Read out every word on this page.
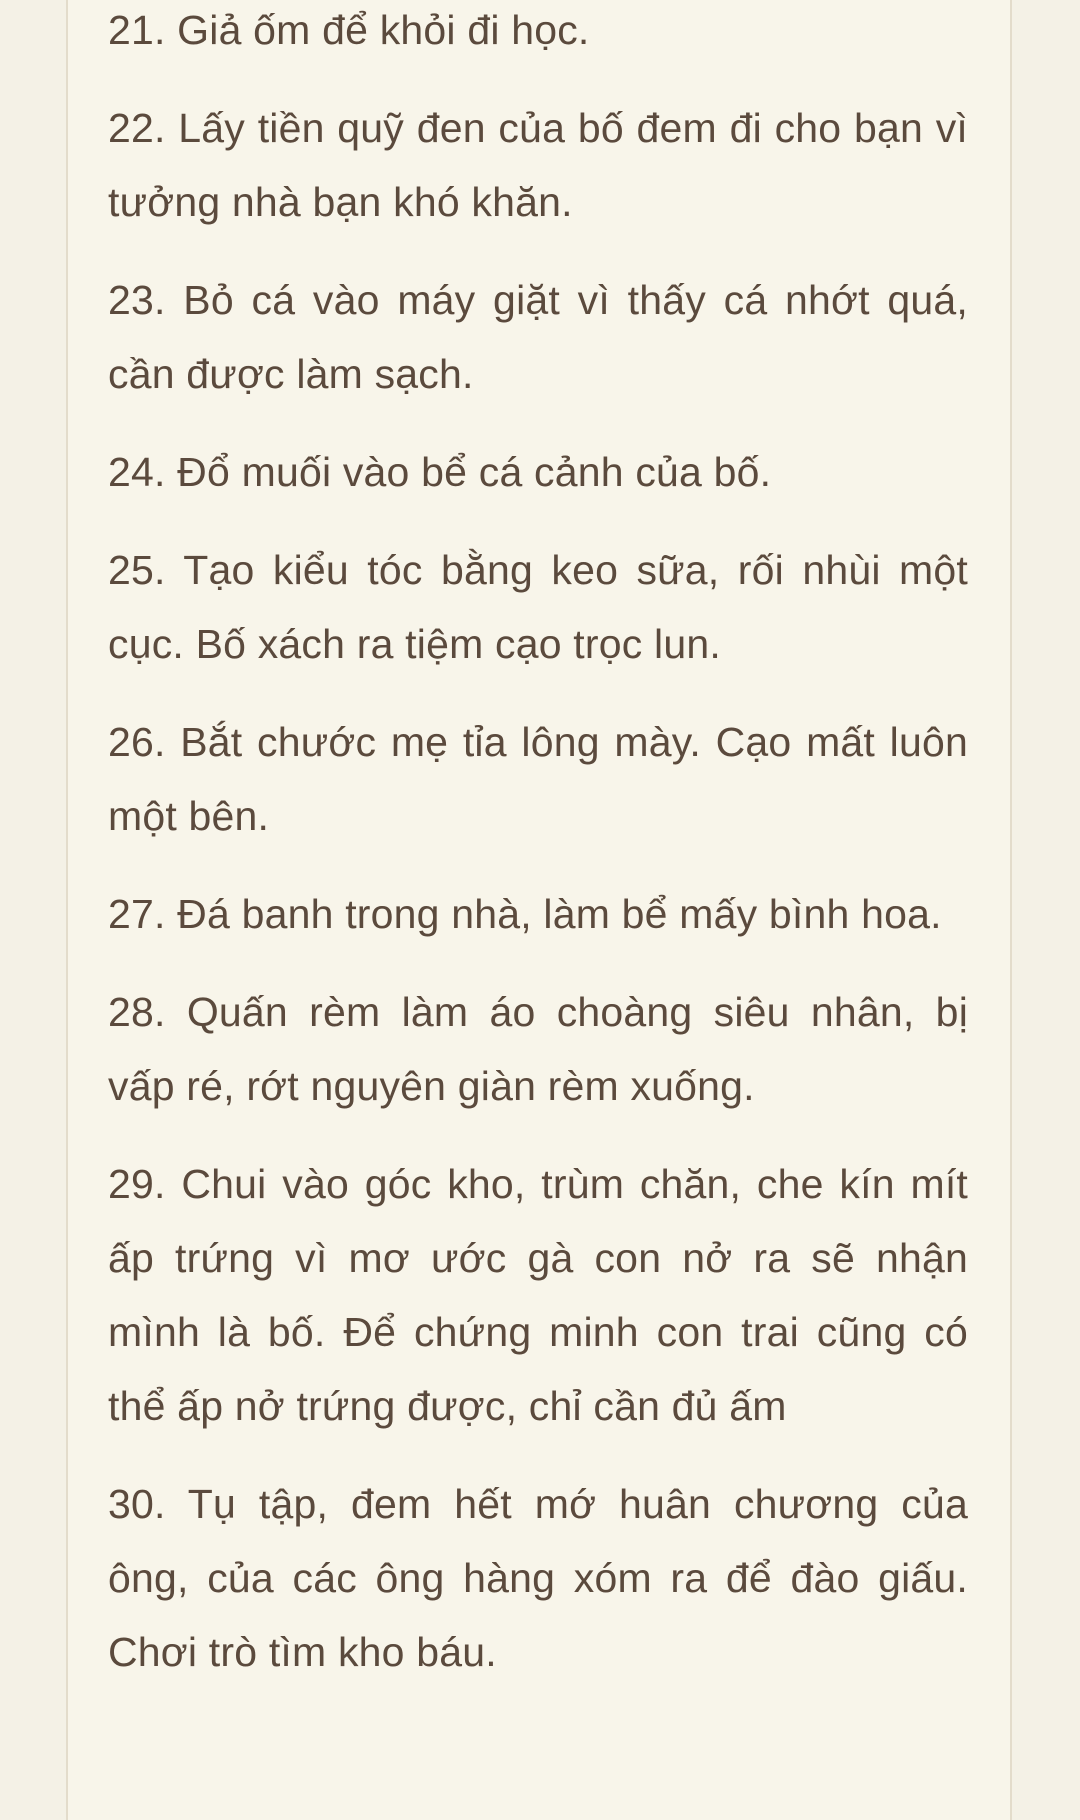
21. Giả ốm để khỏi đi học.

22. Lấy tiền quỹ đen của bố đem đi cho bạn vì tưởng nhà bạn khó khăn.

23. Bỏ cá vào máy giặt vì thấy cá nhớt quá, cần được làm sạch.

24. Đổ muối vào bể cá cảnh của bố.

25. Tạo kiểu tóc bằng keo sữa, rối nhùi một cục. Bố xách ra tiệm cạo trọc lun.

26. Bắt chước mẹ tỉa lông mày. Cạo mất luôn một bên.

27. Đá banh trong nhà, làm bể mấy bình hoa.

28. Quấn rèm làm áo choàng siêu nhân, bị vấp ré, rớt nguyên giàn rèm xuống.

29. Chui vào góc kho, trùm chăn, che kín mít ấp trứng vì mơ ước gà con nở ra sẽ nhận mình là bố. Để chứng minh con trai cũng có thể ấp nở trứng được, chỉ cần đủ ấm

30. Tụ tập, đem hết mớ huân chương của ông, của các ông hàng xóm ra để đào giấu. Chơi trò tìm kho báu.
